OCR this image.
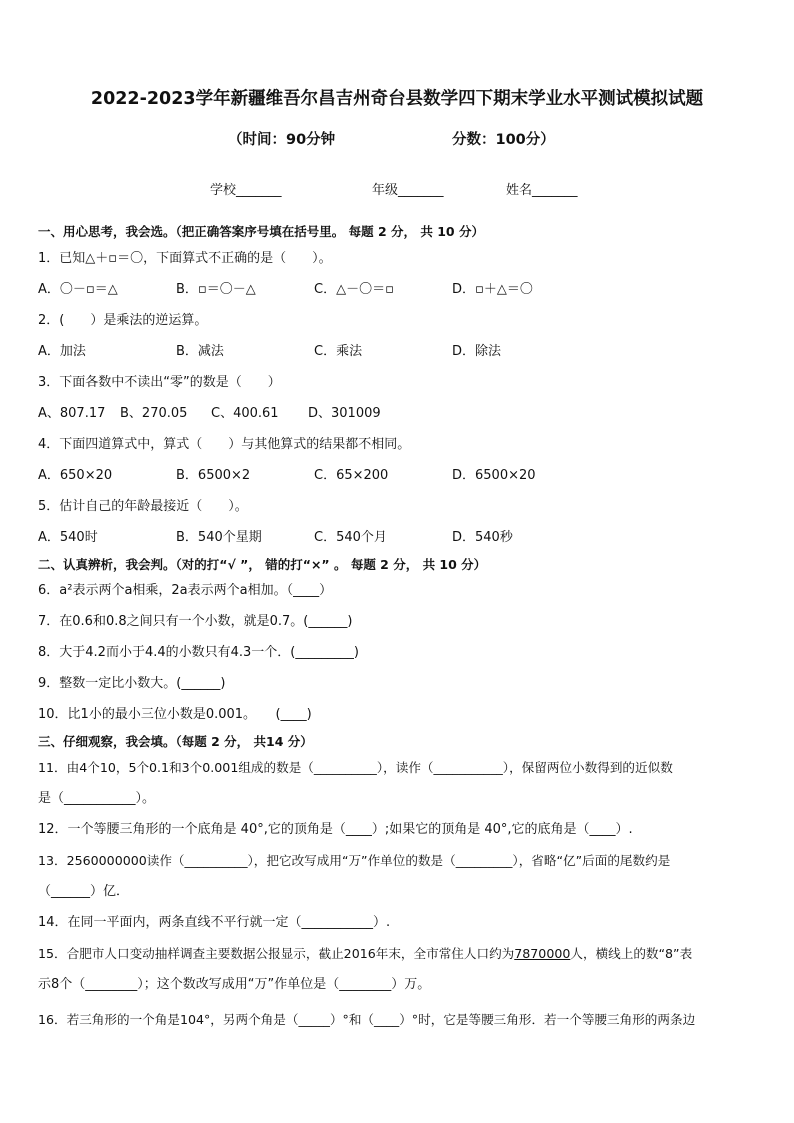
2022-2023学年新疆维吾尔昌吉州奇台县数学四下期末学业水平测试模拟试题
（时间：90分钟	分数：100分）
学校_______	年级_______	姓名_______
一、用心思考，我会选。（把正确答案序号填在括号里。 每题 2 分， 共 10 分）
1．已知△＋▫＝〇，下面算式不正确的是（　　）。
A．〇－▫＝△	B．▫＝〇－△	C．△－〇＝▫	D．▫＋△＝〇
2．(　　）是乘法的逆运算。
A．加法	B．减法	C．乘法	D．除法
3．下面各数中不读出“零”的数是（　　）
A、807.17 B、270.05 C、400.61 D、301009
4．下面四道算式中，算式（　　）与其他算式的结果都不相同。
A．650×20	B．6500×2	C．65×200	D．6500×20
5．估计自己的年龄最接近（　　）。
A．540时	B．540个星期	C．540个月	D．540秒
二、认真辨析，我会判。（对的打“√ ”， 错的打“×” 。 每题 2 分， 共 10 分）
6．a²表示两个a相乘，2a表示两个a相加。（____）
7．在0.6和0.8之间只有一个小数，就是0.7。(______)
8．大于4.2而小于4.4的小数只有4.3一个．(_________)
9．整数一定比小数大。(______)
10．比1小的最小三位小数是0.001。　　(____)
三、仔细观察，我会填。（每题 2 分， 共14 分）
11．由4个10，5个0.1和3个0.001组成的数是（__________），读作（___________），保留两位小数得到的近似数
是（___________）。
12．一个等腰三角形的一个底角是 40°,它的顶角是（____）;如果它的顶角是 40°,它的底角是（____）.
13．2560000000读作（__________），把它改写成用“万”作单位的数是（_________），省略“亿”后面的尾数约是
（______）亿．
14．在同一平面内，两条直线不平行就一定（___________）.
15．合肥市人口变动抽样调查主要数据公报显示，截止2016年末，全市常住人口约为7870000人，横线上的数“8”表
示8个（________）；这个数改写成用“万”作单位是（________）万。
16．若三角形的一个角是104°，另两个角是（_____）°和（____）°时，它是等腰三角形．若一个等腰三角形的两条边
